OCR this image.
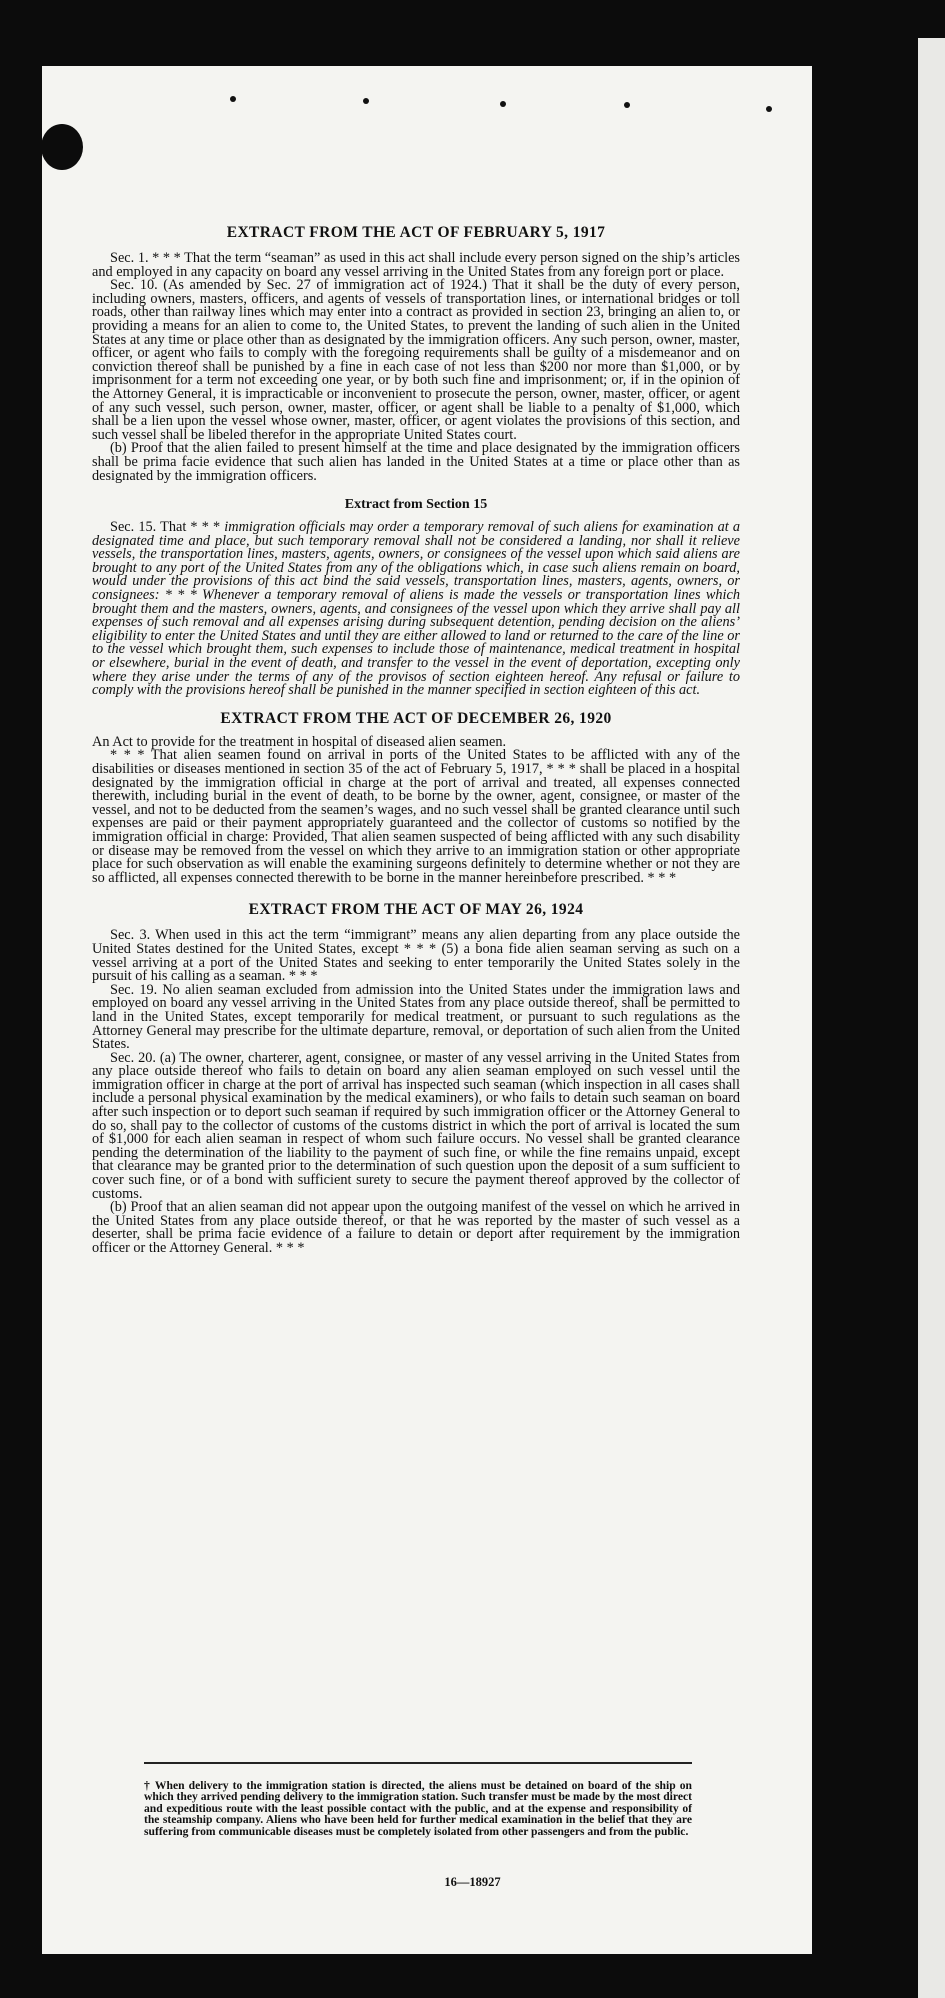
EXTRACT FROM THE ACT OF FEBRUARY 5, 1917

Sec. 1. * * * That the term “seaman” as used in this act shall include every person signed on the ship’s articles and employed in any capacity on board any vessel arriving in the United States from any foreign port or place.

Sec. 10. (As amended by Sec. 27 of immigration act of 1924.) That it shall be the duty of every person, including owners, masters, officers, and agents of vessels of transportation lines, or international bridges or toll roads, other than railway lines which may enter into a contract as provided in section 23, bringing an alien to, or providing a means for an alien to come to, the United States, to prevent the landing of such alien in the United States at any time or place other than as designated by the immigration officers. Any such person, owner, master, officer, or agent who fails to comply with the foregoing requirements shall be guilty of a misdemeanor and on conviction thereof shall be punished by a fine in each case of not less than $200 nor more than $1,000, or by imprisonment for a term not exceeding one year, or by both such fine and imprisonment; or, if in the opinion of the Attorney General, it is impracticable or inconvenient to prosecute the person, owner, master, officer, or agent of any such vessel, such person, owner, master, officer, or agent shall be liable to a penalty of $1,000, which shall be a lien upon the vessel whose owner, master, officer, or agent violates the provisions of this section, and such vessel shall be libeled therefor in the appropriate United States court.

(b) Proof that the alien failed to present himself at the time and place designated by the immigration officers shall be prima facie evidence that such alien has landed in the United States at a time or place other than as designated by the immigration officers.

Extract from Section 15

Sec. 15. That * * * immigration officials may order a temporary removal of such aliens for examination at a designated time and place, but such temporary removal shall not be considered a landing, nor shall it relieve vessels, the transportation lines, masters, agents, owners, or consignees of the vessel upon which said aliens are brought to any port of the United States from any of the obligations which, in case such aliens remain on board, would under the provisions of this act bind the said vessels, transportation lines, masters, agents, owners, or consignees: * * * Whenever a temporary removal of aliens is made the vessels or transportation lines which brought them and the masters, owners, agents, and consignees of the vessel upon which they arrive shall pay all expenses of such removal and all expenses arising during subsequent detention, pending decision on the aliens’ eligibility to enter the United States and until they are either allowed to land or returned to the care of the line or to the vessel which brought them, such expenses to include those of maintenance, medical treatment in hospital or elsewhere, burial in the event of death, and transfer to the vessel in the event of deportation, excepting only where they arise under the terms of any of the provisos of section eighteen hereof. Any refusal or failure to comply with the provisions hereof shall be punished in the manner specified in section eighteen of this act.

EXTRACT FROM THE ACT OF DECEMBER 26, 1920

An Act to provide for the treatment in hospital of diseased alien seamen.

* * * That alien seamen found on arrival in ports of the United States to be afflicted with any of the disabilities or diseases mentioned in section 35 of the act of February 5, 1917, * * * shall be placed in a hospital designated by the immigration official in charge at the port of arrival and treated, all expenses connected therewith, including burial in the event of death, to be borne by the owner, agent, consignee, or master of the vessel, and not to be deducted from the seamen’s wages, and no such vessel shall be granted clearance until such expenses are paid or their payment appropriately guaranteed and the collector of customs so notified by the immigration official in charge: Provided, That alien seamen suspected of being afflicted with any such disability or disease may be removed from the vessel on which they arrive to an immigration station or other appropriate place for such observation as will enable the examining surgeons definitely to determine whether or not they are so afflicted, all expenses connected therewith to be borne in the manner hereinbefore prescribed. * * *

EXTRACT FROM THE ACT OF MAY 26, 1924

Sec. 3. When used in this act the term “immigrant” means any alien departing from any place outside the United States destined for the United States, except * * * (5) a bona fide alien seaman serving as such on a vessel arriving at a port of the United States and seeking to enter temporarily the United States solely in the pursuit of his calling as a seaman. * * *

Sec. 19. No alien seaman excluded from admission into the United States under the immigration laws and employed on board any vessel arriving in the United States from any place outside thereof, shall be permitted to land in the United States, except temporarily for medical treatment, or pursuant to such regulations as the Attorney General may prescribe for the ultimate departure, removal, or deportation of such alien from the United States.

Sec. 20. (a) The owner, charterer, agent, consignee, or master of any vessel arriving in the United States from any place outside thereof who fails to detain on board any alien seaman employed on such vessel until the immigration officer in charge at the port of arrival has inspected such seaman (which inspection in all cases shall include a personal physical examination by the medical examiners), or who fails to detain such seaman on board after such inspection or to deport such seaman if required by such immigration officer or the Attorney General to do so, shall pay to the collector of customs of the customs district in which the port of arrival is located the sum of $1,000 for each alien seaman in respect of whom such failure occurs. No vessel shall be granted clearance pending the determination of the liability to the payment of such fine, or while the fine remains unpaid, except that clearance may be granted prior to the determination of such question upon the deposit of a sum sufficient to cover such fine, or of a bond with sufficient surety to secure the payment thereof approved by the collector of customs.

(b) Proof that an alien seaman did not appear upon the outgoing manifest of the vessel on which he arrived in the United States from any place outside thereof, or that he was reported by the master of such vessel as a deserter, shall be prima facie evidence of a failure to detain or deport after requirement by the immigration officer or the Attorney General. * * *

† When delivery to the immigration station is directed, the aliens must be detained on board of the ship on which they arrived pending delivery to the immigration station. Such transfer must be made by the most direct and expeditious route with the least possible contact with the public, and at the expense and responsibility of the steamship company. Aliens who have been held for further medical examination in the belief that they are suffering from communicable diseases must be completely isolated from other passengers and from the public.
16—18927
